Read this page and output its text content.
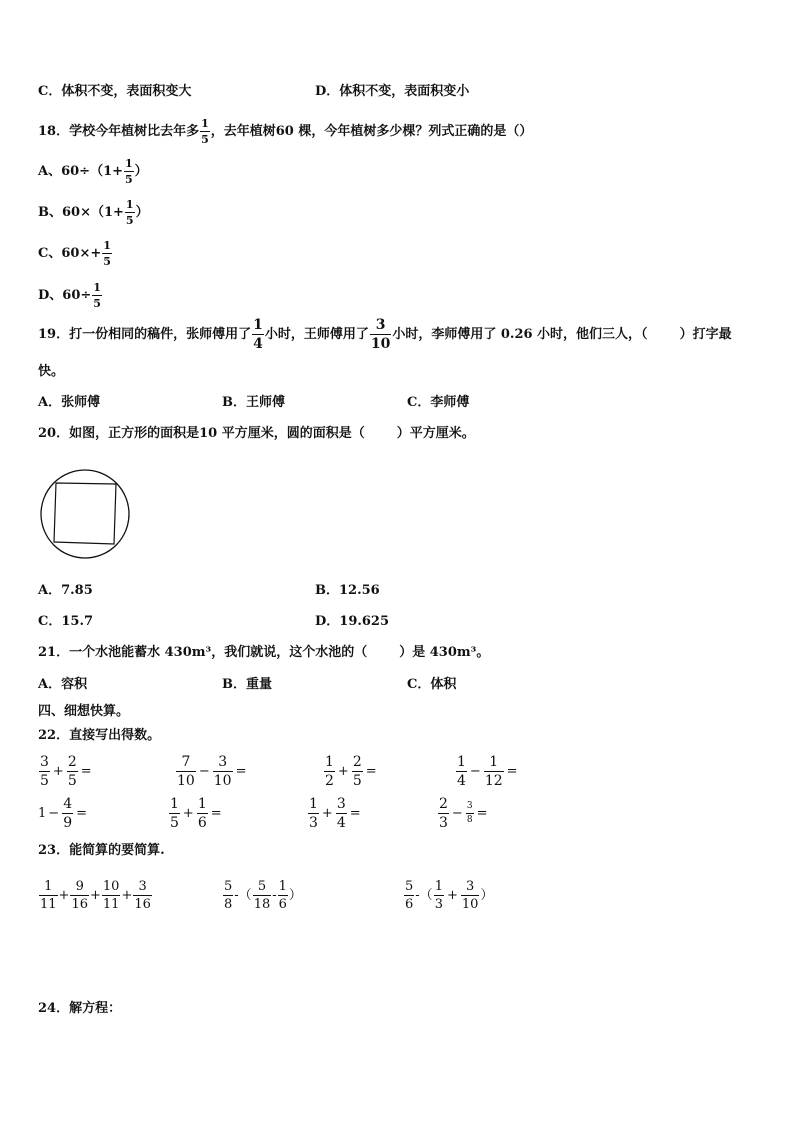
C．体积不变，表面积变大	D．体积不变，表面积变小
18．学校今年植树比去年多 $\frac{1}{5}$ ，去年植树60 棵，今年植树多少棵？列式正确的是（）
A、$60\div(1+ \frac{1}{5}$ ）
B、$60\times(1+ \frac{1}{5}$ ）
C、$60\times+ \frac{1}{5}$
D、$60\div \frac{1}{5}$
19．打一份相同的稿件，张师傅用了 $\frac{1}{4}$ 小时，王师傅用了 $\frac{3}{10}$ 小时，李师傅用了 0.26 小时，他们三人，（ ）打字最
快。
A．张师傅	B．王师傅	C．李师傅
20．如图，正方形的面积是10 平方厘米，圆的面积是（ ）平方厘米。
A．7.85	B．12.56
C．15.7	D．19.625
21．一个水池能蓄水 430m³，我们就说，这个水池的（ ）是 430m³。
A．容积	B．重量	C．体积
四、细想快算。
22．直接写出得数。
$\frac{3}{5} + \frac{2}{5}$ =	$\frac{7}{10} - \frac{3}{10}$ =	$\frac{1}{2} + \frac{2}{5}$ =	$\frac{1}{4} - \frac{1}{12}$ =
$1 - \frac{4}{9}$ =	$\frac{1}{5} + \frac{1}{6}$ =	$\frac{1}{3} + \frac{3}{4}$ =	$\frac{2}{3} - \frac{3}{8}$ =
23．能简算的要简算.
$\frac{1}{11} + \frac{9}{16} + \frac{10}{11} + \frac{3}{16}$	$\frac{5}{8}$ -（ $\frac{5}{18} - \frac{1}{6}$ ）	$\frac{5}{6}$ -（ $\frac{1}{3} + \frac{3}{10}$ ）
24．解方程：
